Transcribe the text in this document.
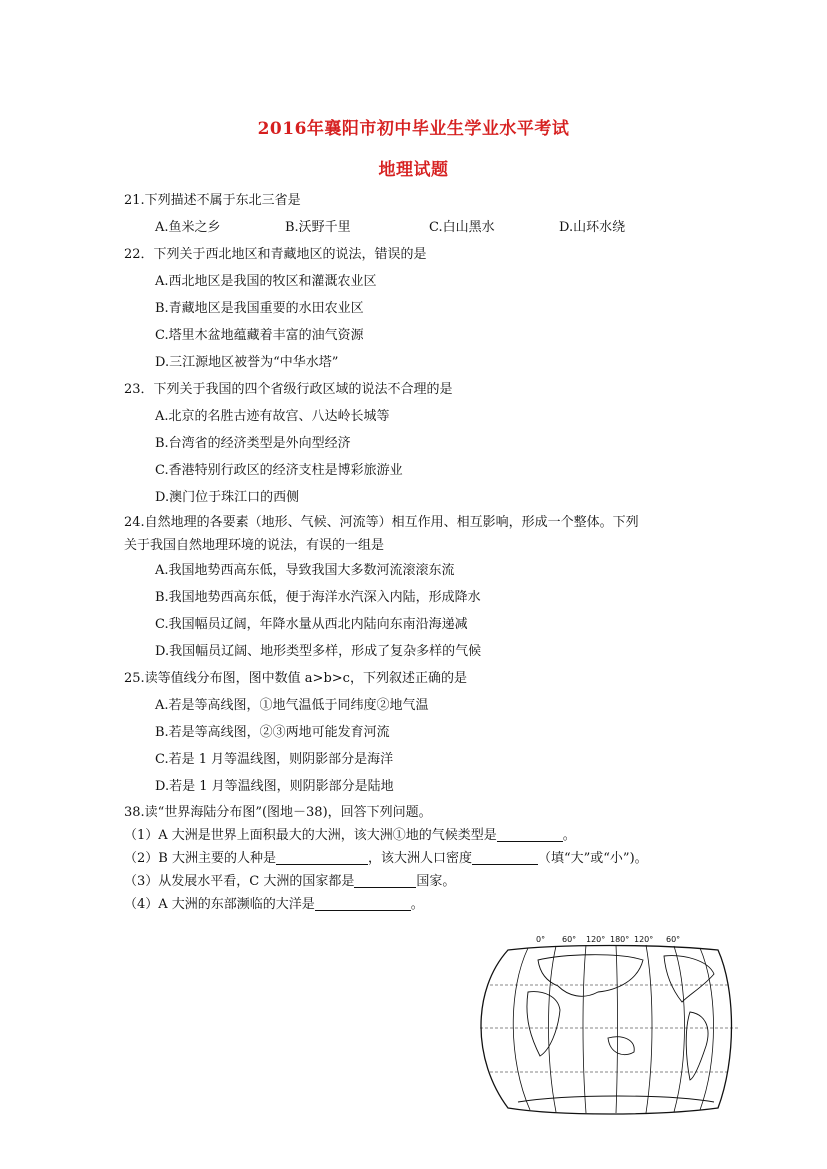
2016年襄阳市初中毕业生学业水平考试
地理试题
21.下列描述不属于东北三省是
A.鱼米之乡	B.沃野千里	C.白山黑水	D.山环水绕
22．下列关于西北地区和青藏地区的说法，错误的是
A.西北地区是我国的牧区和灌溉农业区
B.青藏地区是我国重要的水田农业区
C.塔里木盆地蕴藏着丰富的油气资源
D.三江源地区被誉为“中华水塔”
23．下列关于我国的四个省级行政区域的说法不合理的是
A.北京的名胜古迹有故宫、八达岭长城等
B.台湾省的经济类型是外向型经济
C.香港特别行政区的经济支柱是博彩旅游业
D.澳门位于珠江口的西侧
24.自然地理的各要素（地形、气候、河流等）相互作用、相互影响，形成一个整体。下列
关于我国自然地理环境的说法，有误的一组是
A.我国地势西高东低，导致我国大多数河流滚滚东流
B.我国地势西高东低，便于海洋水汽深入内陆，形成降水
C.我国幅员辽阔，年降水量从西北内陆向东南沿海递减
D.我国幅员辽阔、地形类型多样，形成了复杂多样的气候
25.读等值线分布图，图中数值 a>b>c，下列叙述正确的是
A.若是等高线图，①地气温低于同纬度②地气温
B.若是等高线图，②③两地可能发育河流
C.若是 1 月等温线图，则阴影部分是海洋
D.若是 1 月等温线图，则阴影部分是陆地
38.读“世界海陆分布图”(图地－38)，回答下列问题。
（1）A 大洲是世界上面积最大的大洲，该大洲①地的气候类型是	。
（2）B 大洲主要的人种是	，该大洲人口密度	（填“大”或“小”)。
（3）从发展水平看，C 大洲的国家都是	国家。
（4）A 大洲的东部濒临的大洋是	。
0° 60° 120° 180° 120° 60°
